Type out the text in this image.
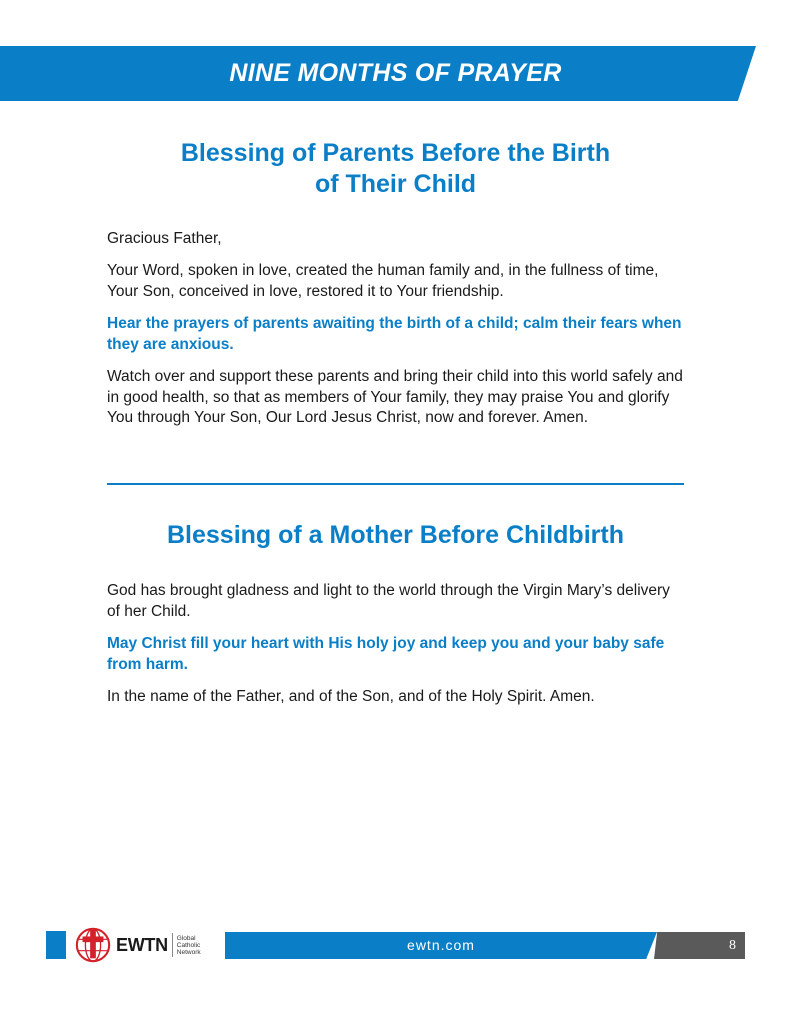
NINE MONTHS OF PRAYER
Blessing of Parents Before the Birth
of Their Child

Gracious Father,

Your Word, spoken in love, created the human family and, in the fullness of time, Your Son, conceived in love, restored it to Your friendship.

Hear the prayers of parents awaiting the birth of a child; calm their fears when they are anxious.

Watch over and support these parents and bring their child into this world safely and in good health, so that as members of Your family, they may praise You and glorify You through Your Son, Our Lord Jesus Christ, now and forever. Amen.

Blessing of a Mother Before Childbirth

God has brought gladness and light to the world through the Virgin Mary’s delivery of her Child.

May Christ fill your heart with His holy joy and keep you and your baby safe from harm.

In the name of the Father, and of the Son, and of the Holy Spirit. Amen.

EWTN Global
Catholic
Network	ewtn.com	8
